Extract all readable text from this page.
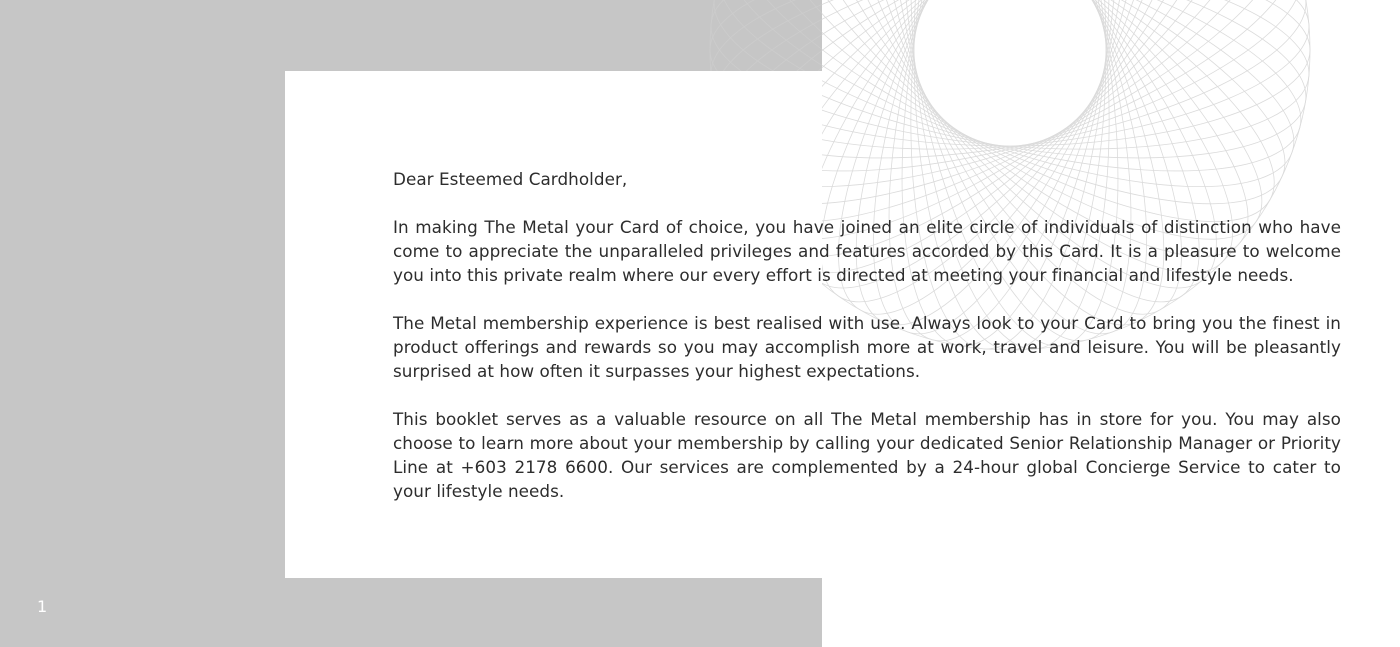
Dear Esteemed Cardholder,

In making The Metal your Card of choice, you have joined an elite circle of individuals of distinction who have come to appreciate the unparalleled privileges and features accorded by this Card. It is a pleasure to welcome you into this private realm where our every effort is directed at meeting your financial and lifestyle needs.

The Metal membership experience is best realised with use. Always look to your Card to bring you the finest in product offerings and rewards so you may accomplish more at work, travel and leisure. You will be pleasantly surprised at how often it surpasses your highest expectations.

This booklet serves as a valuable resource on all The Metal membership has in store for you. You may also choose to learn more about your membership by calling your dedicated Senior Relationship Manager or Priority Line at +603 2178 6600. Our services are complemented by a 24-hour global Concierge Service to cater to your lifestyle needs.

1
